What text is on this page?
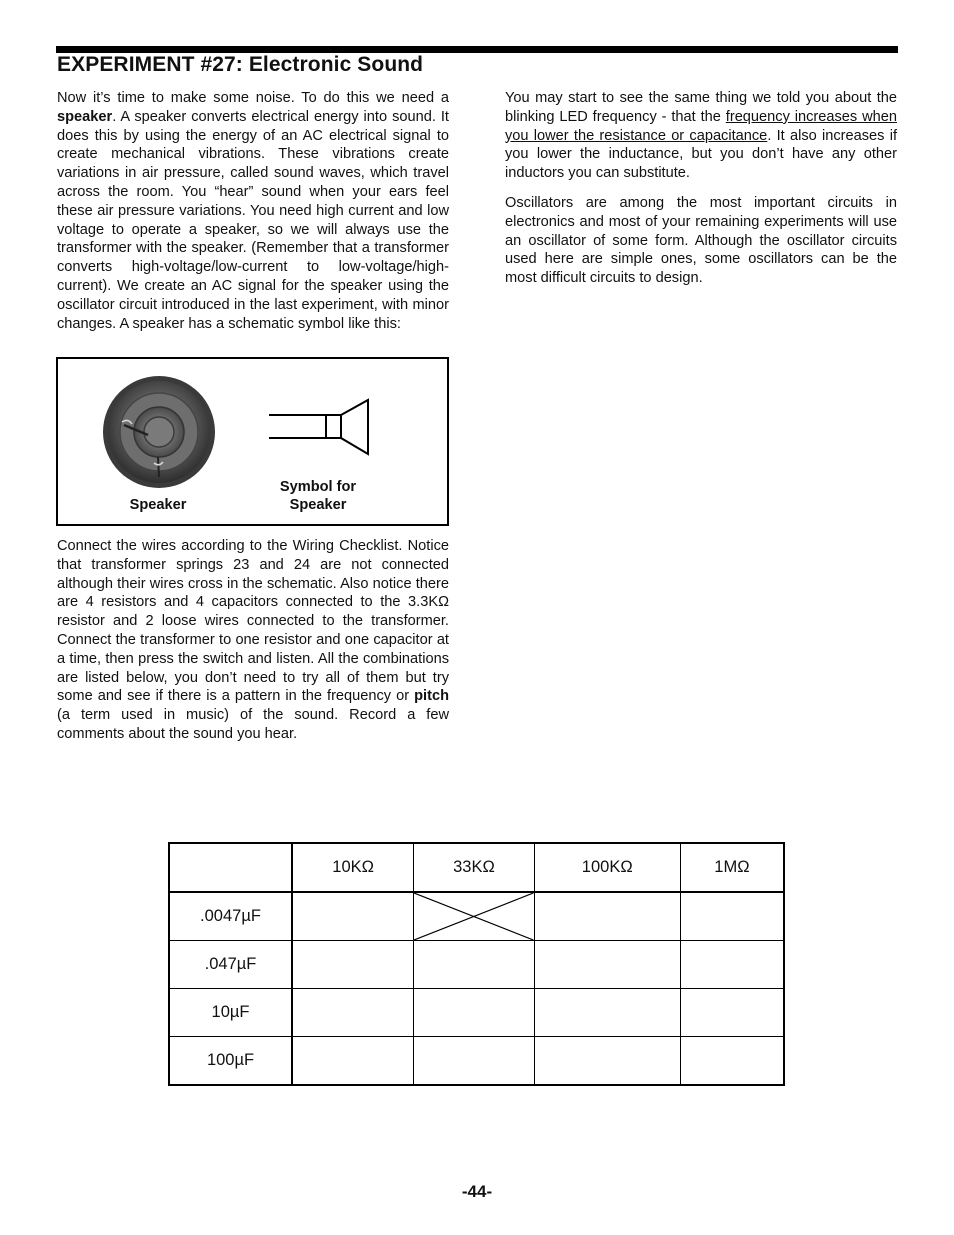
EXPERIMENT #27: Electronic Sound

Now it’s time to make some noise. To do this we need a speaker. A speaker converts electrical energy into sound. It does this by using the energy of an AC electrical signal to create mechanical vibrations. These vibrations create variations in air pressure, called sound waves, which travel across the room. You “hear” sound when your ears feel these air pressure variations. You need high current and low voltage to operate a speaker, so we will always use the transformer with the speaker. (Remember that a transformer converts high-voltage/low-current to low-voltage/high-current). We create an AC signal for the speaker using the oscillator circuit introduced in the last experiment, with minor changes. A speaker has a schematic symbol like this:

Speaker
Symbol for
Speaker

Connect the wires according to the Wiring Checklist. Notice that transformer springs 23 and 24 are not connected although their wires cross in the schematic. Also notice there are 4 resistors and 4 capacitors connected to the 3.3KΩ resistor and 2 loose wires connected to the transformer. Connect the transformer to one resistor and one capacitor at a time, then press the switch and listen. All the combinations are listed below, you don’t need to try all of them but try some and see if there is a pattern in the frequency or pitch (a term used in music) of the sound. Record a few comments about the sound you hear.

You may start to see the same thing we told you about the blinking LED frequency - that the frequency increases when you lower the resistance or capacitance. It also increases if you lower the inductance, but you don’t have any other inductors you can substitute.

Oscillators are among the most important circuits in electronics and most of your remaining experiments will use an oscillator of some form. Although the oscillator circuits used here are simple ones, some oscillators can be the most difficult circuits to design.

	10KΩ	33KΩ	100KΩ	1MΩ
.0047µF		

.047µF				
10µF				
100µF				
-44-
